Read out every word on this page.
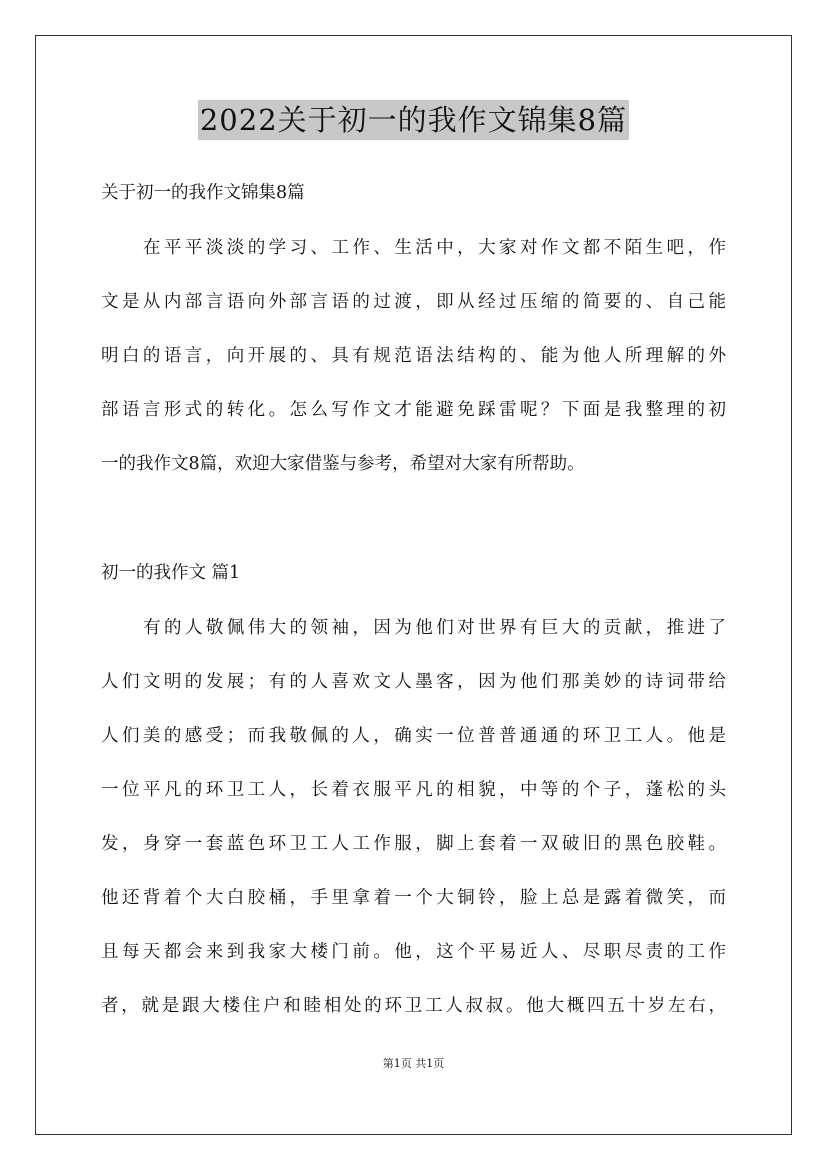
2022关于初一的我作文锦集8篇
关于初一的我作文锦集8篇
在平平淡淡的学习、工作、生活中，大家对作文都不陌生吧，作
文是从内部言语向外部言语的过渡，即从经过压缩的简要的、自己能
明白的语言，向开展的、具有规范语法结构的、能为他人所理解的外
部语言形式的转化。怎么写作文才能避免踩雷呢？下面是我整理的初
一的我作文8篇，欢迎大家借鉴与参考，希望对大家有所帮助。
初一的我作文 篇1
有的人敬佩伟大的领袖，因为他们对世界有巨大的贡献，推进了
人们文明的发展；有的人喜欢文人墨客，因为他们那美妙的诗词带给
人们美的感受；而我敬佩的人，确实一位普普通通的环卫工人。他是
一位平凡的环卫工人，长着衣服平凡的相貌，中等的个子，蓬松的头
发，身穿一套蓝色环卫工人工作服，脚上套着一双破旧的黑色胶鞋。
他还背着个大白胶桶，手里拿着一个大铜铃，脸上总是露着微笑，而
且每天都会来到我家大楼门前。他，这个平易近人、尽职尽责的工作
者，就是跟大楼住户和睦相处的环卫工人叔叔。他大概四五十岁左右，
第1页 共1页
